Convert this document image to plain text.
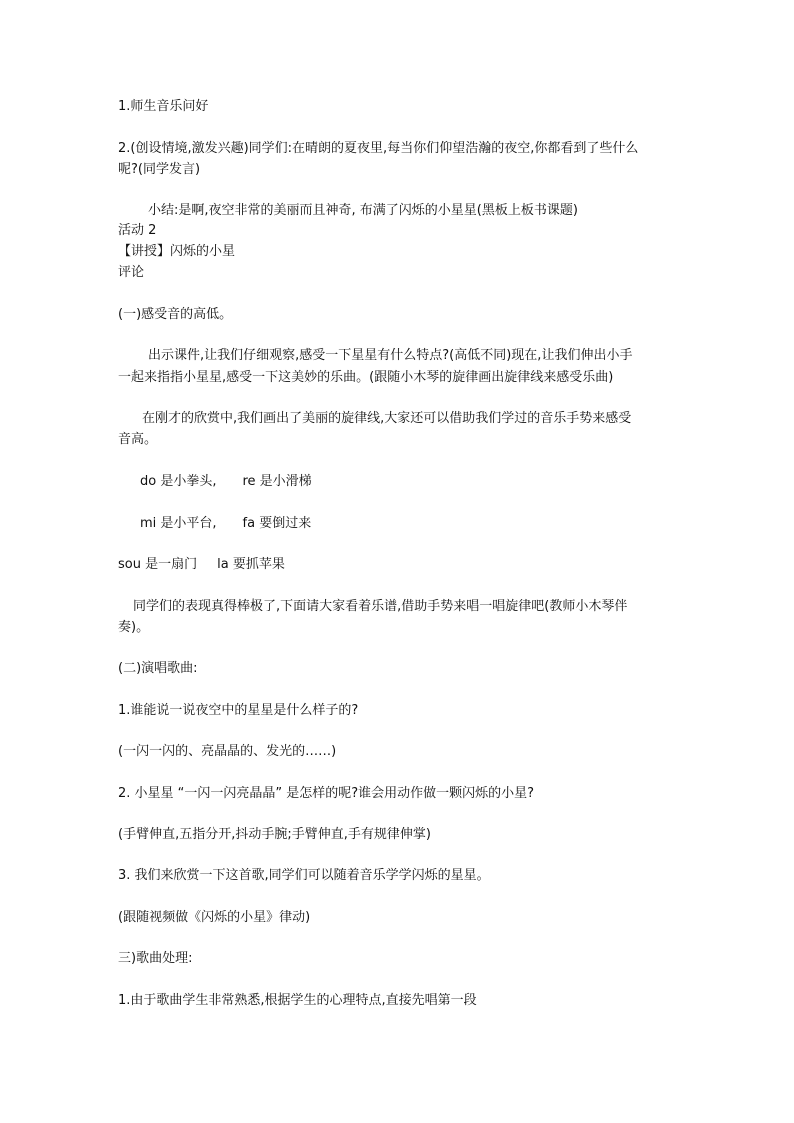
1.师生音乐问好
2.(创设情境,激发兴趣)同学们:在晴朗的夏夜里,每当你们仰望浩瀚的夜空,你都看到了些什么
呢?(同学发言)
小结:是啊,夜空非常的美丽而且神奇, 布满了闪烁的小星星(黑板上板书课题)
活动 2
【讲授】闪烁的小星
评论
(一)感受音的高低。
出示课件,让我们仔细观察,感受一下星星有什么特点?(高低不同)现在,让我们伸出小手
一起来指指小星星,感受一下这美妙的乐曲。(跟随小木琴的旋律画出旋律线来感受乐曲)
在刚才的欣赏中,我们画出了美丽的旋律线,大家还可以借助我们学过的音乐手势来感受
音高。
do 是小拳头, re 是小滑梯
mi 是小平台, fa 要倒过来
sou 是一扇门 la 要抓苹果
同学们的表现真得棒极了,下面请大家看着乐谱,借助手势来唱一唱旋律吧(教师小木琴伴
奏)。
(二)演唱歌曲:
1.谁能说一说夜空中的星星是什么样子的?
(一闪一闪的、亮晶晶的、发光的……)
2. 小星星 “一闪一闪亮晶晶” 是怎样的呢?谁会用动作做一颗闪烁的小星?
(手臂伸直,五指分开,抖动手腕;手臂伸直,手有规律伸掌)
3. 我们来欣赏一下这首歌,同学们可以随着音乐学学闪烁的星星。
(跟随视频做《闪烁的小星》律动)
三)歌曲处理:
1.由于歌曲学生非常熟悉,根据学生的心理特点,直接先唱第一段
